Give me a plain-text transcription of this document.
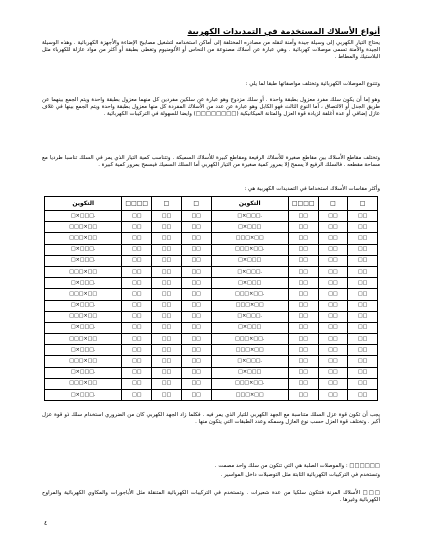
أنواع الأسلاك المستخدمة في التمديدات الكهربية

يحتاج التيار الكهربي إلى وسيلة جيدة وآمنة لنقله من مصادره المختلفة إلى أماكن استخدامه لتشغيل مصابيح الإضاءة والأجهزة الكهربائية . وهذه الوسيلة الجيدة والآمنة تسمى موصلات كهربائية . وهي عبارة عن أسلاك مصنوعة من النحاس أو الألومنيوم وتغطى بطبقة أو أكثر من مواد عازلة للكهرباء مثل البلاستيك والمطاط .

وتتنوع الموصلات الكهربائية وتختلف مواصفاتها طبقا لما يلي :

وهو إما أن يكون سلك مفرد معزول بطبقة واحدة . أو سلك مزدوج وهو عبارة عن سلكين مفردين كل منهما معزول بطبقة واحدة ويتم الجمع بينهما عن طريق الجدل أو الالتصاق ، أما النوع الثالث فهو الكابل وهو عبارة عن عدد من الأسلاك المفردة كل منها معزول بطبقة واحدة ويتم الجمع بينها في غلاف عازل إضافي أو عدة أغلفة لزيادة قوة العزل والمتانة الميكانيكية (□□□□□□□□) وايضا للسهولة في التركيبات الكهربائية .

وتختلف مقاطع الأسلاك بين مقاطع صغيرة للأسلاك الرفيعة ومقاطع كبيرة للأسلاك السميكة . وتتناسب كمية التيار الذي يمر في السلك تناسبا طرديا مع مساحة مقطعه . فالسلك الرفيع لا يسمح إلا بمرور كمية صغيرة من التيار الكهربي أما السلك السميك فيسمح بمرور كمية كبيرة .

وأكثر مقاسات الأسلاك استخداما في التمديدات الكهربية هي :

□	□	□□□□	التكوين	□	□	□□□□	التكوين
□□	□□	□□	.□□□×□	□□	□□	□□	.□□□×□
□□	□□	□□	□□□×□	□□	□□	□□	□□×□□□
□□	□□	□□	□□×□□□	□□	□□	□□	□□×□□□
□□	□□	□□	.□□×□□□	□□	□□	□□	.□□□×□
□□	□□	□□	□□□×□	□□	□□	□□	.□□□×□
□□	□□	□□	.□□□×□	□□	□□	□□	□□×□□□
□□	□□	□□	□□□×□	□□	□□	□□	.□□□×□
□□	□□	□□	.□□×□□□	□□	□□	□□	□□×□□□
□□	□□	□□	□□×□□□	□□	□□	□□	.□□□×□
□□	□□	□□	.□□□×□	□□	□□	□□	□□×□□□
□□	□□	□□	□□□×□	□□	□□	□□	.□□□×□
□□	□□	□□	.□□×□□□	□□	□□	□□	□□×□□□
□□	□□	□□	□□×□□□	□□	□□	□□	.□□□×□
□□	□□	□□	.□□□×□	□□	□□	□□	□□×□□□
□□	□□	□□	□□□×□	□□	□□	□□	.□□□×□
□□	□□	□□	.□□×□□□	□□	□□	□□	□□×□□□
□□	□□	□□	□□×□□□	□□	□□	□□	.□□□×□

يجب أن تكون قوة عزل السلك متناسبة مع الجهد الكهربي للتيار الذي يمر فيه . فكلما زاد الجهد الكهربي كان من الضروري استخدام سلك ذو قوة عزل أكبر . وتختلف قوة العزل حسب نوع العازل وسمكه وعدد الطبقات التي يتكون منها .

□□□□□□ : والموصلات الصلبة هي التي تتكون من سلك واحد مصمت .

وتستخدم في التركيبات الكهربائية الثابتة مثل التوصيلات داخل المواسير .

□□□ الأسلاك المرنة فتتكون سلكيا من عدة شعيرات . وتستخدم في التركيبات الكهربائية المتنقلة مثل الأباجورات والمكاوي الكهربائية والمراوح الكهربائية وغيرها .

٤
